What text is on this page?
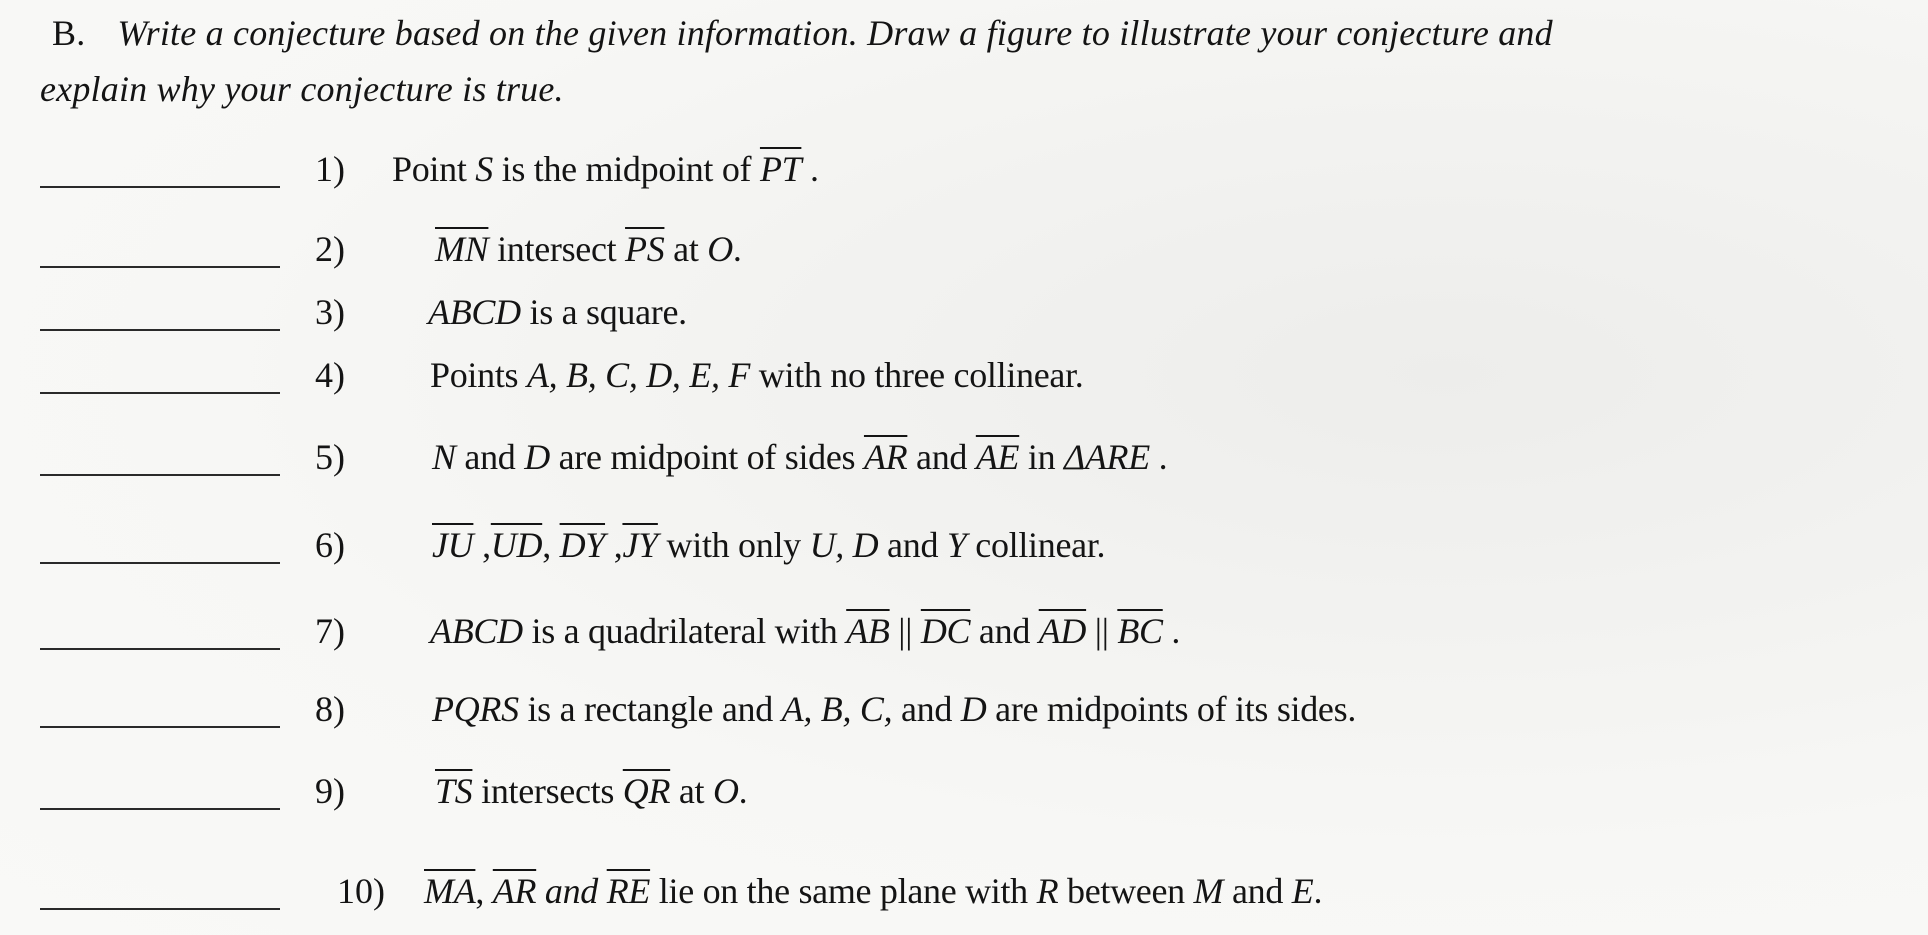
B. Write a conjecture based on the given information. Draw a figure to illustrate your conjecture and
explain why your conjecture is true.
1) Point S is the midpoint of $\overline{PT}$ .
2)	$\overline{MN}$ intersect $\overline{PS}$ at O.
3) ABCD is a square.
4) Points A, B, C, D, E, F with no three collinear.
5) N and D are midpoint of sides $\overline{AR}$ and $\overline{AE}$ in ΔARE .
6) $\overline{JU}$ $,\overline{UD}$, $\overline{DY}$ $,\overline{JY}$ with only U, D and Y collinear.
7) ABCD is a quadrilateral with $\overline{AB}$ || $\overline{DC}$ and $\overline{AD}$ || $\overline{BC}$ .
8) PQRS is a rectangle and A, B, C, and D are midpoints of its sides.
9)	$\overline{TS}$ intersects $\overline{QR}$ at O.
10) $\overline{MA}$, $\overline{AR}$ and $\overline{RE}$ lie on the same plane with R between M and E.
